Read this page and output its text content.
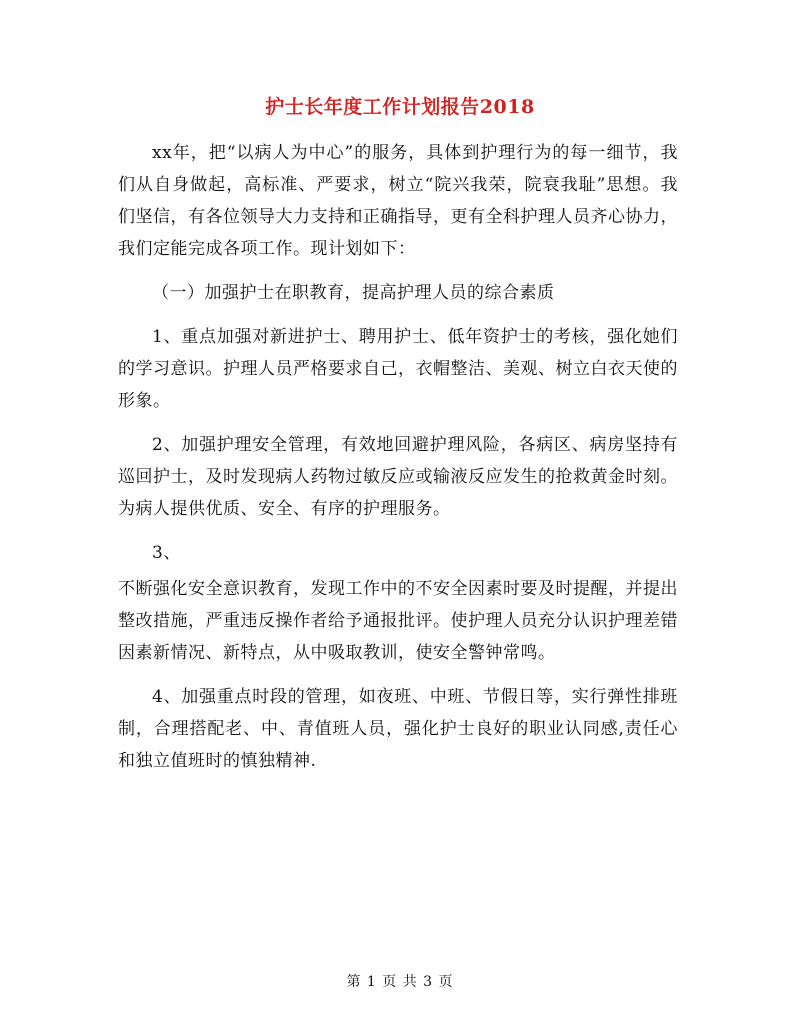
护士长年度工作计划报告2018

xx年，把“以病人为中心”的服务，具体到护理行为的每一细节，我们从自身做起，高标准、严要求，树立“院兴我荣，院衰我耻”思想。我们坚信，有各位领导大力支持和正确指导，更有全科护理人员齐心协力，我们定能完成各项工作。现计划如下：

（一）加强护士在职教育，提高护理人员的综合素质

1、重点加强对新进护士、聘用护士、低年资护士的考核，强化她们的学习意识。护理人员严格要求自己，衣帽整洁、美观、树立白衣天使的形象。

2、加强护理安全管理，有效地回避护理风险，各病区、病房坚持有巡回护士，及时发现病人药物过敏反应或输液反应发生的抢救黄金时刻。为病人提供优质、安全、有序的护理服务。

3、

不断强化安全意识教育，发现工作中的不安全因素时要及时提醒，并提出整改措施，严重违反操作者给予通报批评。使护理人员充分认识护理差错因素新情况、新特点，从中吸取教训，使安全警钟常鸣。

4、加强重点时段的管理，如夜班、中班、节假日等，实行弹性排班制，合理搭配老、中、青值班人员，强化护士良好的职业认同感,责任心和独立值班时的慎独精神.

第 1 页 共 3 页
